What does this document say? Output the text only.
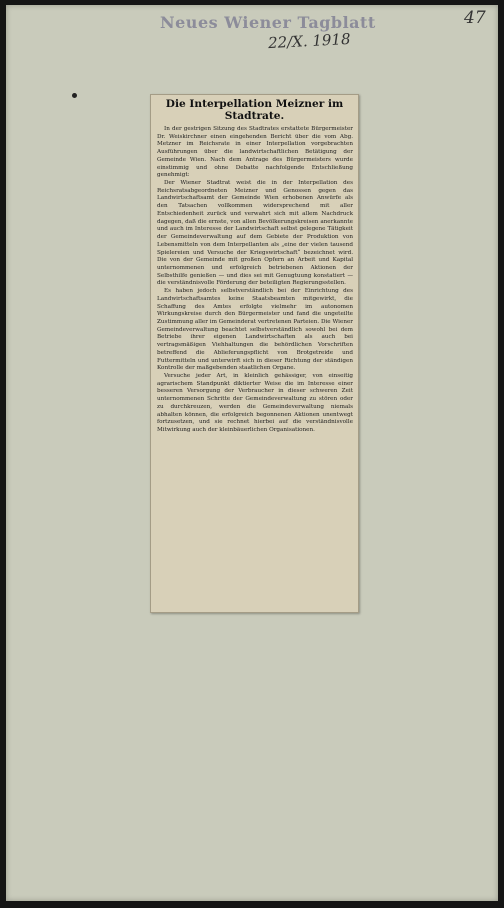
Neues Wiener Tagblatt
22/X. 1918
47
Die Interpellation Meizner im Stadtrate.

In der gestrigen Sitzung des Stadtrates erstattete Bürgermeister Dr. Weiskirchner einen eingehenden Bericht über die vom Abg. Metzner im Reichsrate in einer Interpellation vorgebrachten Ausführungen über die landwirtschaftlichen Betätigung der Gemeinde Wien. Nach dem Antrage des Bürgermeisters wurde einstimmig und ohne Debatte nachfolgende Entschließung genehmigt:

Der Wiener Stadtrat weist die in der Interpellation des Reichsratsabgeordneten Meizner und Genossen gegen das Landwirtschaftsamt der Gemeinde Wien erhobenen Anwürfe als den Tatsachen vollkommen widersprechend mit aller Entschiedenheit zurück und verwahrt sich mit allem Nachdruck dagegen, daß die ernste, von allen Bevölkerungskreisen anerkannte und auch im Interesse der Landwirtschaft selbst gelegene Tätigkeit der Gemeindeverwaltung auf dem Gebiete der Produktion von Lebensmitteln von dem Interpellanten als „eine der vielen tausend Spielereien und Versuche der Kriegswirtschaft“ bezeichnet wird. Die von der Gemeinde mit großen Opfern an Arbeit und Kapital unternommenen und erfolgreich betriebenen Aktionen der Selbsthilfe genießen — und dies sei mit Genugtuung konstatiert — die verständnisvolle Förderung der beteiligten Regierungsstellen.

Es haben jedoch selbstverständlich bei der Einrichtung des Landwirtschaftsamtes keine Staatsbeamten mitgewirkt, die Schaffung des Amtes erfolgte vielmehr im autonomen Wirkungskreise durch den Bürgermeister und fand die ungeteilte Zustimmung aller im Gemeinderat vertretenen Parteien. Die Wiener Gemeindeverwaltung beachtet selbstverständlich sowohl bei dem Betriebe ihrer eigenen Landwirtschaften als auch bei vertragsmäßigen Viehhaltungen die behördlichen Vorschriften betreffend die Ablieferungspflicht von Brotgetreide und Futtermitteln und unterwirft sich in dieser Richtung der ständigen Kontrolle der maßgebenden staatlichen Organe.

Versuche jeder Art, in kleinlich gehässiger, von einseitig agrarischem Standpunkt diktierter Weise die im Interesse einer besseren Versorgung der Verbraucher in dieser schweren Zeit unternommenen Schritte der Gemeindeverwaltung zu stören oder zu durchkreuzen, werden die Gemeindeverwaltung niemals abhalten können, die erfolgreich begonnenen Aktionen unentwegt fortzusetzen, und sie rechnet hierbei auf die verständnisvolle Mitwirkung auch der kleinbäuerlichen Organisationen.
